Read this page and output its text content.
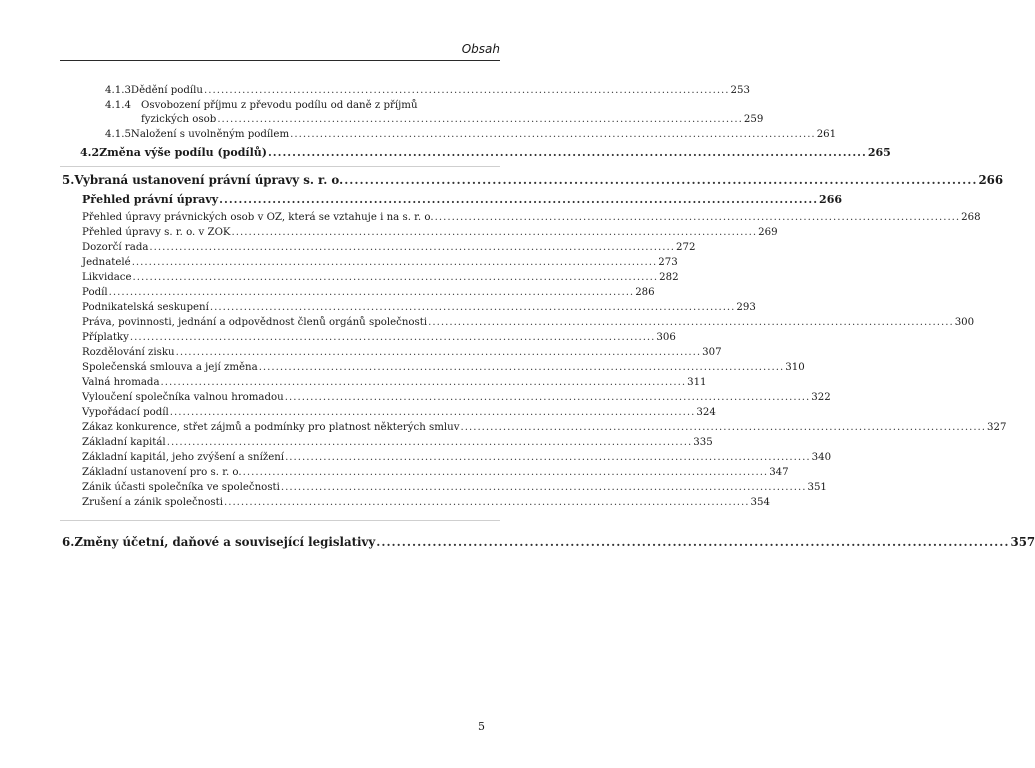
Obsah
4.1.3 Dědění podílu ............................................................................................................................ 253
4.1.4 Osvobození příjmu z převodu podílu od daně z příjmů
fyzických osob ............................................................................................................................ 259
4.1.5 Naložení s uvolněným podílem ............................................................................................................................ 261
4.2 Změna výše podílu (podílů) ............................................................................................................................ 265
5. Vybraná ustanovení právní úpravy s. r. o. ............................................................................................................................ 266
Přehled právní úpravy ............................................................................................................................ 266
Přehled úpravy právnických osob v OZ, která se vztahuje i na s. r. o. ............................................................................................................................ 268
Přehled úpravy s. r. o. v ZOK ............................................................................................................................ 269
Dozorčí rada ............................................................................................................................ 272
Jednatelé ............................................................................................................................ 273
Likvidace ............................................................................................................................ 282
Podíl ............................................................................................................................ 286
Podnikatelská seskupení ............................................................................................................................ 293
Práva, povinnosti, jednání a odpovědnost členů orgánů společnosti ............................................................................................................................ 300
Příplatky ............................................................................................................................ 306
Rozdělování zisku ............................................................................................................................ 307
Společenská smlouva a její změna ............................................................................................................................ 310
Valná hromada ............................................................................................................................ 311
Vyloučení společníka valnou hromadou ............................................................................................................................ 322
Vypořádací podíl ............................................................................................................................ 324
Zákaz konkurence, střet zájmů a podmínky pro platnost některých smluv ............................................................................................................................ 327
Základní kapitál ............................................................................................................................ 335
Základní kapitál, jeho zvýšení a snížení ............................................................................................................................ 340
Základní ustanovení pro s. r. o. ............................................................................................................................ 347
Zánik účasti společníka ve společnosti ............................................................................................................................ 351
Zrušení a zánik společnosti ............................................................................................................................ 354
6. Změny účetní, daňové a související legislativy ............................................................................................................................ 357
5
